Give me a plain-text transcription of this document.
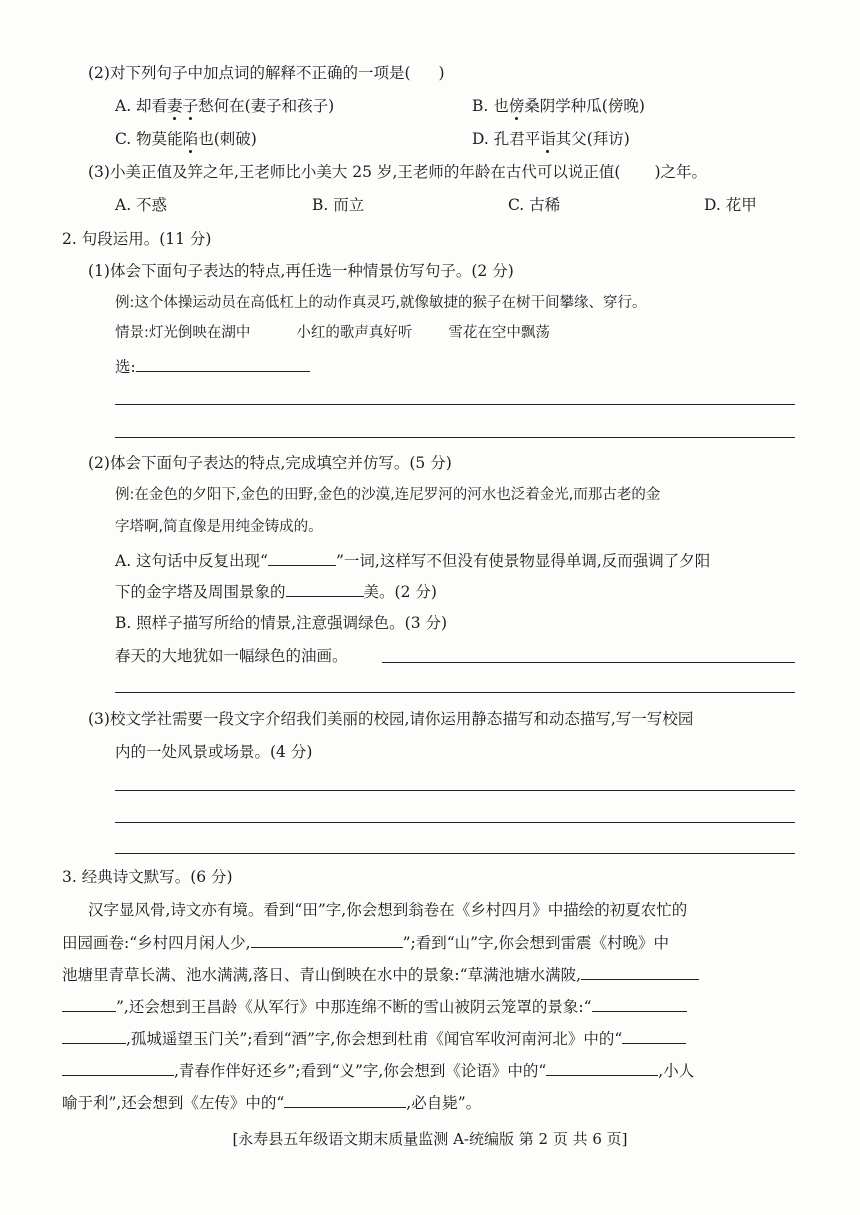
(2)对下列句子中加点词的解释不正确的一项是( )
A. 却看妻子愁何在(妻子和孩子)	B. 也傍桑阴学种瓜(傍晚)
C. 物莫能陷也(刺破)	D. 孔君平诣其父(拜访)
(3)小美正值及笄之年,王老师比小美大 25 岁,王老师的年龄在古代可以说正值( )之年。
A. 不惑	B. 而立	C. 古稀	D. 花甲
2. 句段运用。(11 分)
(1)体会下面句子表达的特点,再任选一种情景仿写句子。(2 分)
例:这个体操运动员在高低杠上的动作真灵巧,就像敏捷的猴子在树干间攀缘、穿行。
情景:灯光倒映在湖中	小红的歌声真好听 雪花在空中飘荡
选:
(2)体会下面句子表达的特点,完成填空并仿写。(5 分)
例:在金色的夕阳下,金色的田野,金色的沙漠,连尼罗河的河水也泛着金光,而那古老的金
字塔啊,简直像是用纯金铸成的。
A. 这句话中反复出现“	”一词,这样写不但没有使景物显得单调,反而强调了夕阳
下的金字塔及周围景象的	美。(2 分)
B. 照样子描写所给的情景,注意强调绿色。(3 分)
春天的大地犹如一幅绿色的油画。
(3)校文学社需要一段文字介绍我们美丽的校园,请你运用静态描写和动态描写,写一写校园
内的一处风景或场景。(4 分)
3. 经典诗文默写。(6 分)
汉字显风骨,诗文亦有境。看到“田”字,你会想到翁卷在《乡村四月》中描绘的初夏农忙的
田园画卷:“乡村四月闲人少,	”;看到“山”字,你会想到雷震《村晚》中
池塘里青草长满、池水满满,落日、青山倒映在水中的景象:“草满池塘水满陂,
”,还会想到王昌龄《从军行》中那连绵不断的雪山被阴云笼罩的景象:“
,孤城遥望玉门关”;看到“酒”字,你会想到杜甫《闻官军收河南河北》中的“
,青春作伴好还乡”;看到“义”字,你会想到《论语》中的“	,小人
喻于利”,还会想到《左传》中的“	,必自毙”。
[永寿县五年级语文期末质量监测 A-统编版 第 2 页 共 6 页]
